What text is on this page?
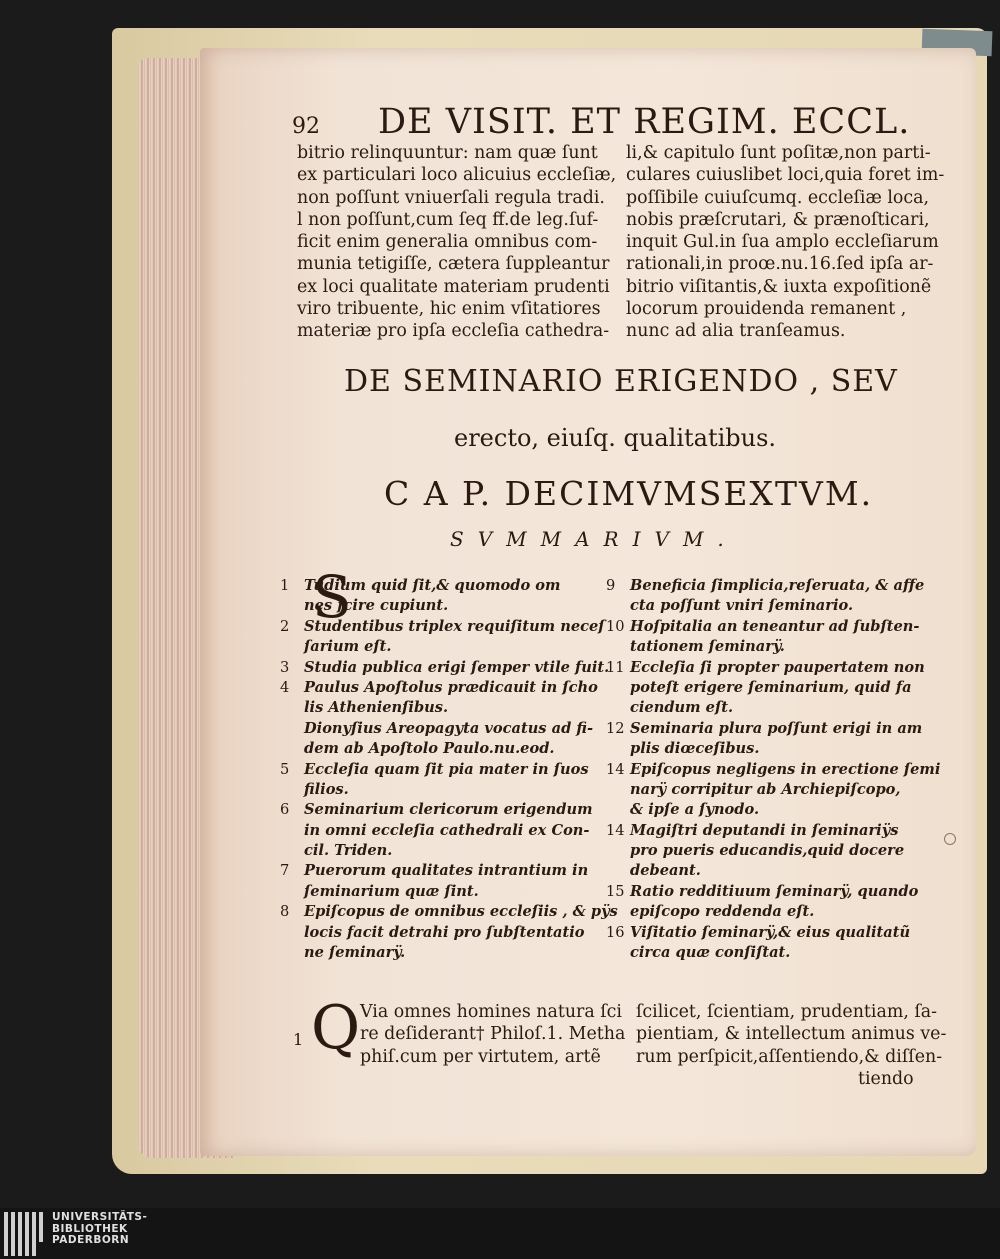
92 DE VISIT. ET REGIM. ECCL.
bitrio relinquuntur: nam quæ ſunt
ex particulari loco alicuius eccleſiæ,
non poſſunt vniuerſali regula tradi.
l non poſſunt,cum ſeq ff.de leg.ſuf-
ficit enim generalia omnibus com-
munia tetigiſſe, cætera ſuppleantur
ex loci qualitate materiam prudenti
viro tribuente, hic enim vſitatiores
materiæ pro ipſa eccleſia cathedra-
li,& capitulo ſunt poſitæ,non parti-
culares cuiuslibet loci,quia foret im-
poſſibile cuiuſcumq. eccleſiæ loca,
nobis præſcrutari, & prænoſticari,
inquit Gul.in ſua amplo eccleſiarum
rationali,in proœ.nu.16.ſed ipſa ar-
bitrio viſitantis,& iuxta expoſitionẽ
locorum prouidenda remanent ,
nunc ad alia tranſeamus.
DE SEMINARIO ERIGENDO , SEV
erecto, eiuſq. qualitatibus.
C A P. DECIMVMSEXTVM.
SVMMARIVM.
S
1	Tudium quid ſit,& quomodo om
nes ſcire cupiunt.
2	Studentibus triplex requiſitum neceſ
ſarium eſt.
3	Studia publica erigi ſemper vtile fuit.
4	Paulus Apoſtolus prædicauit in ſcho
lis Athenienſibus.
Dionyſius Areopagyta vocatus ad fi-
dem ab Apoſtolo Paulo.nu.eod.
5	Eccleſia quam ſit pia mater in ſuos
filios.
6	Seminarium clericorum erigendum
in omni eccleſia cathedrali ex Con-
cil. Triden.
7	Puerorum qualitates intrantium in
ſeminarium quæ ſint.
8	Epiſcopus de omnibus eccleſiis , & pÿs
locis facit detrahi pro ſubſtentatio
ne ſeminarÿ.
9	Beneficia ſimplicia,reſeruata, & affe
cta poſſunt vniri ſeminario.
10 Hoſpitalia an teneantur ad ſubſten-
tationem ſeminarÿ.
11 Eccleſia ſi propter paupertatem non
poteſt erigere ſeminarium, quid fa
ciendum eſt.
12 Seminaria plura poſſunt erigi in am
plis diœceſibus.
14 Epiſcopus negligens in erectione ſemi
narÿ corripitur ab Archiepiſcopo,
& ipſe a ſynodo.
14 Magiſtri deputandi in ſeminariÿs
pro pueris educandis,quid docere
debeant.
15 Ratio redditiuum ſeminarÿ, quando
epiſcopo reddenda eſt.
16 Viſitatio ſeminarÿ,& eius qualitatũ
circa quæ conſiſtat.
Q
1
Via omnes homines natura ſci
re deſiderant† Philoſ.1. Metha
phiſ.cum per virtutem, artẽ
ſcilicet, ſcientiam, prudentiam, ſa-
pientiam, & intellectum animus ve-
rum perſpicit,aſſentiendo,& diſſen-
tiendo
UNIVERSITÄTS-
BIBLIOTHEK
PADERBORN
